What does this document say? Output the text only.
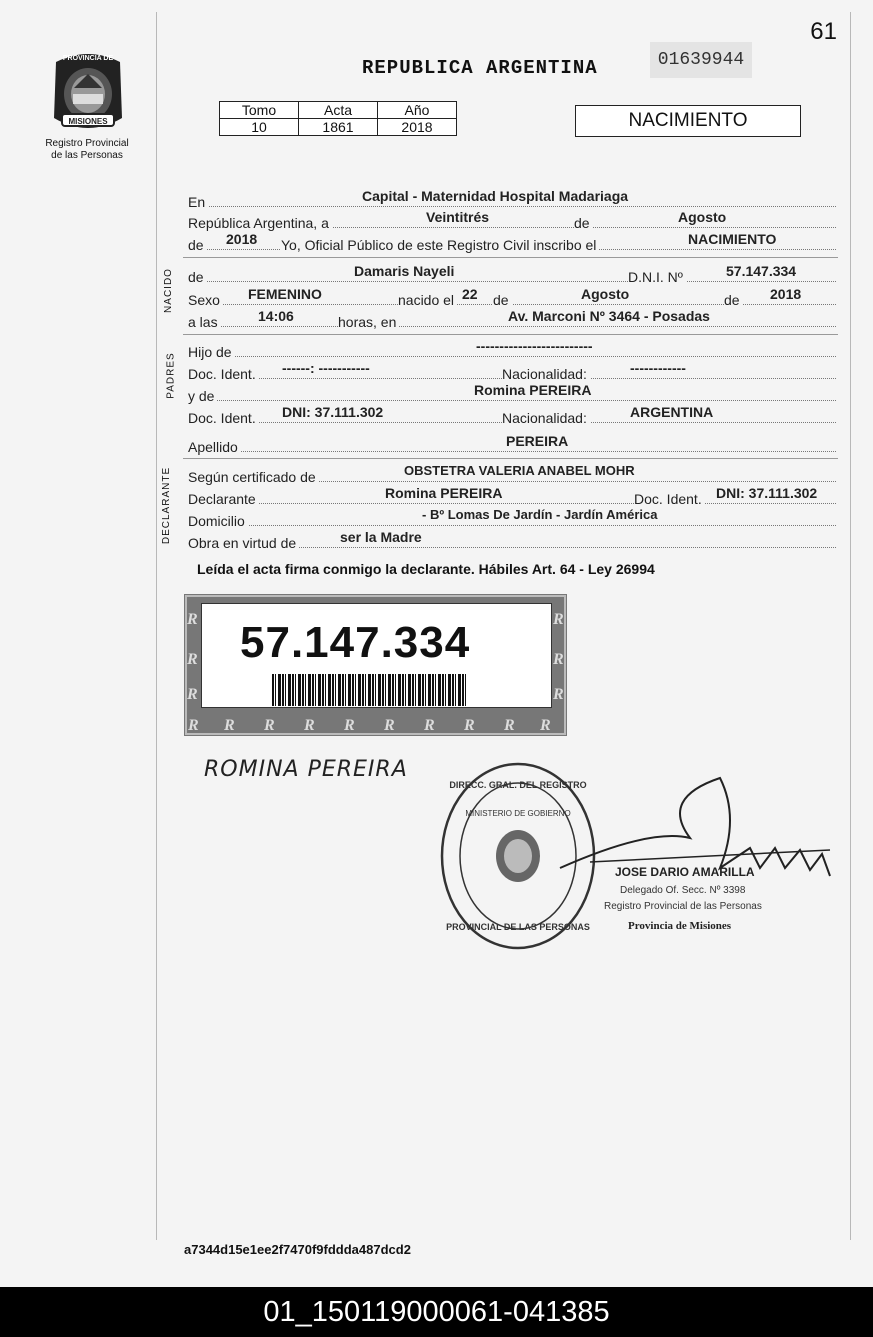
61
PROVINCIA DE
MISIONES
Registro Provincial
de las Personas
REPUBLICA ARGENTINA	01639944
Tomo	Acta	Año
10	1861	2018	NACIMIENTO
En	Capital - Maternidad Hospital Madariaga
República Argentina, a	Veintitrés	de	Agosto
de 2018 Yo, Oficial Público de este Registro Civil inscribo el	NACIMIENTO
NACIDO de	Damaris Nayeli	D.N.I. Nº	57.147.334
Sexo FEMENINO	nacido el 22 de	Agosto	de 2018
a las	14:06	horas, en	Av. Marconi Nº 3464 - Posadas
PADRES
Hijo de	-------------------------
Doc. Ident. ------: -----------	Nacionalidad:	------------
y de	Romina PEREIRA
Doc. Ident. DNI: 37.111.302	Nacionalidad:	ARGENTINA
Apellido	PEREIRA
DECLARANTE Según certificado de	OBSTETRA VALERIA ANABEL MOHR
Declarante	Romina PEREIRA	Doc. Ident. DNI: 37.111.302
Domicilio	- Bº Lomas De Jardín - Jardín América
Obra en virtud de	ser la Madre
Leída el acta firma conmigo la declarante. Hábiles Art. 64 - Ley 26994
R R R R R R R R R R
R
R
R
R
R
R
57.147.334
ROMINA PEREIRA
DIRECC. GRAL. DEL REGISTRO
PROVINCIAL DE LAS PERSONAS
MINISTERIO DE GOBIERNO
JOSE DARIO AMARILLA
Delegado Of. Secc. Nº 3398
Registro Provincial de las Personas
Provincia de Misiones
a7344d15e1ee2f7470f9fddda487dcd2
01_150119000061-041385
